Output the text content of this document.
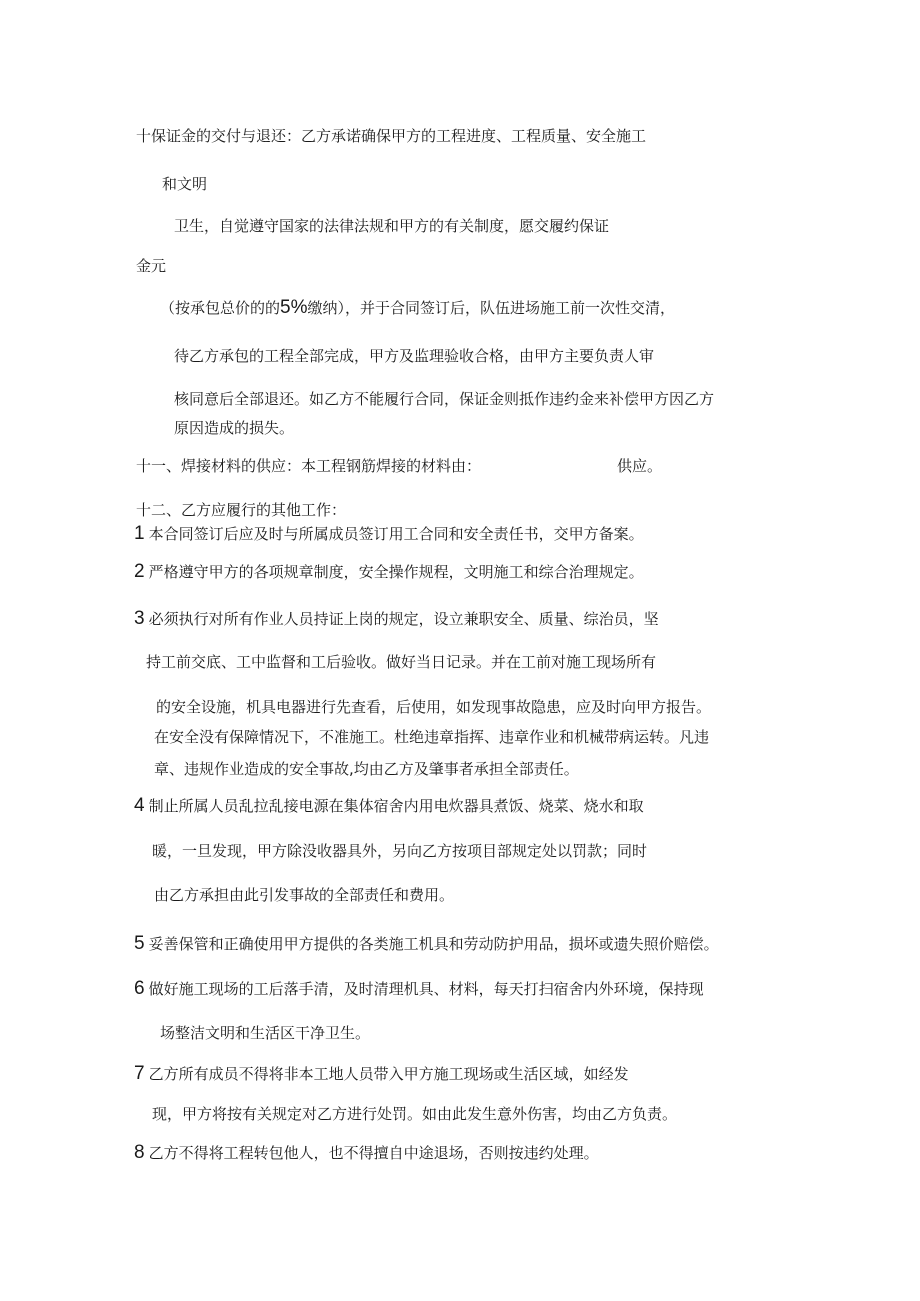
十保证金的交付与退还：乙方承诺确保甲方的工程进度、工程质量、安全施工
和文明
卫生，自觉遵守国家的法律法规和甲方的有关制度，愿交履约保证
金元
（按承包总价的的5%缴纳），并于合同签订后，队伍进场施工前一次性交清，
待乙方承包的工程全部完成，甲方及监理验收合格，由甲方主要负责人审
核同意后全部退还。如乙方不能履行合同，保证金则抵作违约金来补偿甲方因乙方
原因造成的损失。
十一、焊接材料的供应：本工程钢筋焊接的材料由：	供应。
十二、乙方应履行的其他工作：
1 本合同签订后应及时与所属成员签订用工合同和安全责任书，交甲方备案。
2 严格遵守甲方的各项规章制度，安全操作规程，文明施工和综合治理规定。
3 必须执行对所有作业人员持证上岗的规定，设立兼职安全、质量、综治员，坚
持工前交底、工中监督和工后验收。做好当日记录。并在工前对施工现场所有
的安全设施，机具电器进行先查看，后使用，如发现事故隐患，应及时向甲方报告。
在安全没有保障情况下，不准施工。杜绝违章指挥、违章作业和机械带病运转。凡违
章、违规作业造成的安全事故,均由乙方及肇事者承担全部责任。
4 制止所属人员乱拉乱接电源在集体宿舍内用电炊器具煮饭、烧菜、烧水和取
暖，一旦发现，甲方除没收器具外，另向乙方按项目部规定处以罚款；同时
由乙方承担由此引发事故的全部责任和费用。
5 妥善保管和正确使用甲方提供的各类施工机具和劳动防护用品，损坏或遗失照价赔偿。
6 做好施工现场的工后落手清，及时清理机具、材料，每天打扫宿舍内外环境，保持现
场整洁文明和生活区干净卫生。
7 乙方所有成员不得将非本工地人员带入甲方施工现场或生活区域，如经发
现，甲方将按有关规定对乙方进行处罚。如由此发生意外伤害，均由乙方负责。
8 乙方不得将工程转包他人，也不得擅自中途退场，否则按违约处理。
